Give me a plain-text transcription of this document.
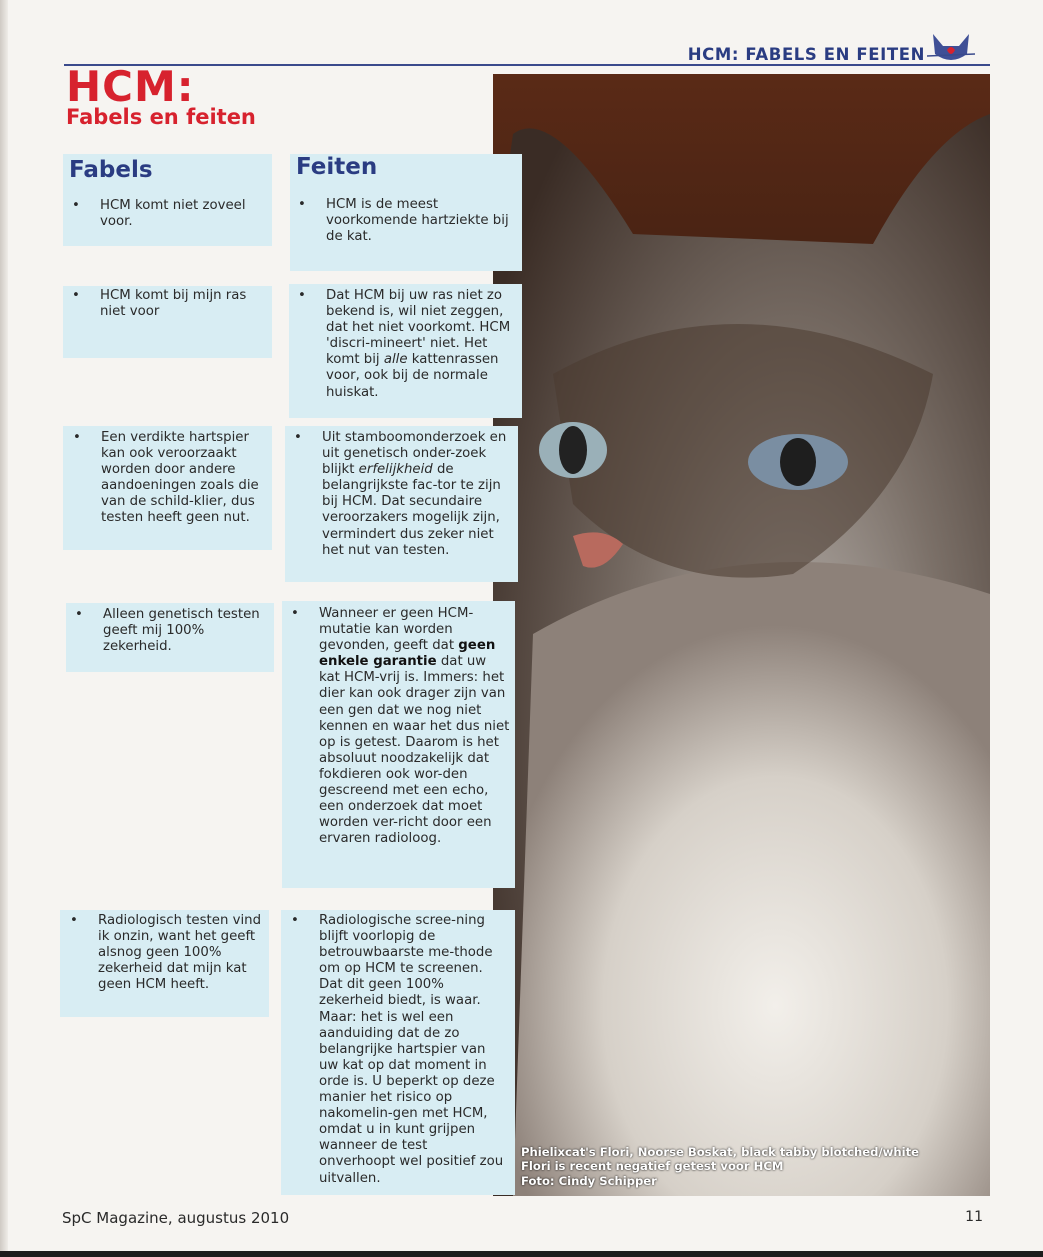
HCM: FABELS EN FEITEN
HCM:
Fabels en feiten
Fabels	Feiten
• HCM komt niet zoveel voor.

• HCM is de meest voorkomende hartziekte bij de kat.

• HCM komt bij mijn ras niet voor

• Dat HCM bij uw ras niet zo bekend is, wil niet zeggen, dat het niet voorkomt. HCM 'discri-mineert' niet. Het komt bij alle kattenrassen voor, ook bij de normale huiskat.

• Een verdikte hartspier kan ook veroorzaakt worden door andere aandoeningen zoals die van de schild-klier, dus testen heeft geen nut.

• Uit stamboomonderzoek en uit genetisch onder-zoek blijkt erfelijkheid de belangrijkste fac-tor te zijn bij HCM. Dat secundaire veroorzakers mogelijk zijn, vermindert dus zeker niet het nut van testen.

• Alleen genetisch testen geeft mij 100% zekerheid.

• Wanneer er geen HCM-mutatie kan worden gevonden, geeft dat geen enkele garantie dat uw kat HCM-vrij is. Immers: het dier kan ook drager zijn van een gen dat we nog niet kennen en waar het dus niet op is getest. Daarom is het absoluut noodzakelijk dat fokdieren ook wor-den gescreend met een echo, een onderzoek dat moet worden ver-richt door een ervaren radioloog.

• Radiologisch testen vind ik onzin, want het geeft alsnog geen 100% zekerheid dat mijn kat geen HCM heeft.

• Radiologische scree-ning blijft voorlopig de betrouwbaarste me-thode om op HCM te screenen. Dat dit geen 100% zekerheid biedt, is waar. Maar: het is wel een aanduiding dat de zo belangrijke hartspier van uw kat op dat moment in orde is. U beperkt op deze manier het risico op nakomelin-gen met HCM, omdat u in kunt grijpen wanneer de test onverhoopt wel positief zou uitvallen.

Phielixcat's Flori, Noorse Boskat, black tabby blotched/white
Flori is recent negatief getest voor HCM
Foto: Cindy Schipper
SpC Magazine, augustus 2010	11
